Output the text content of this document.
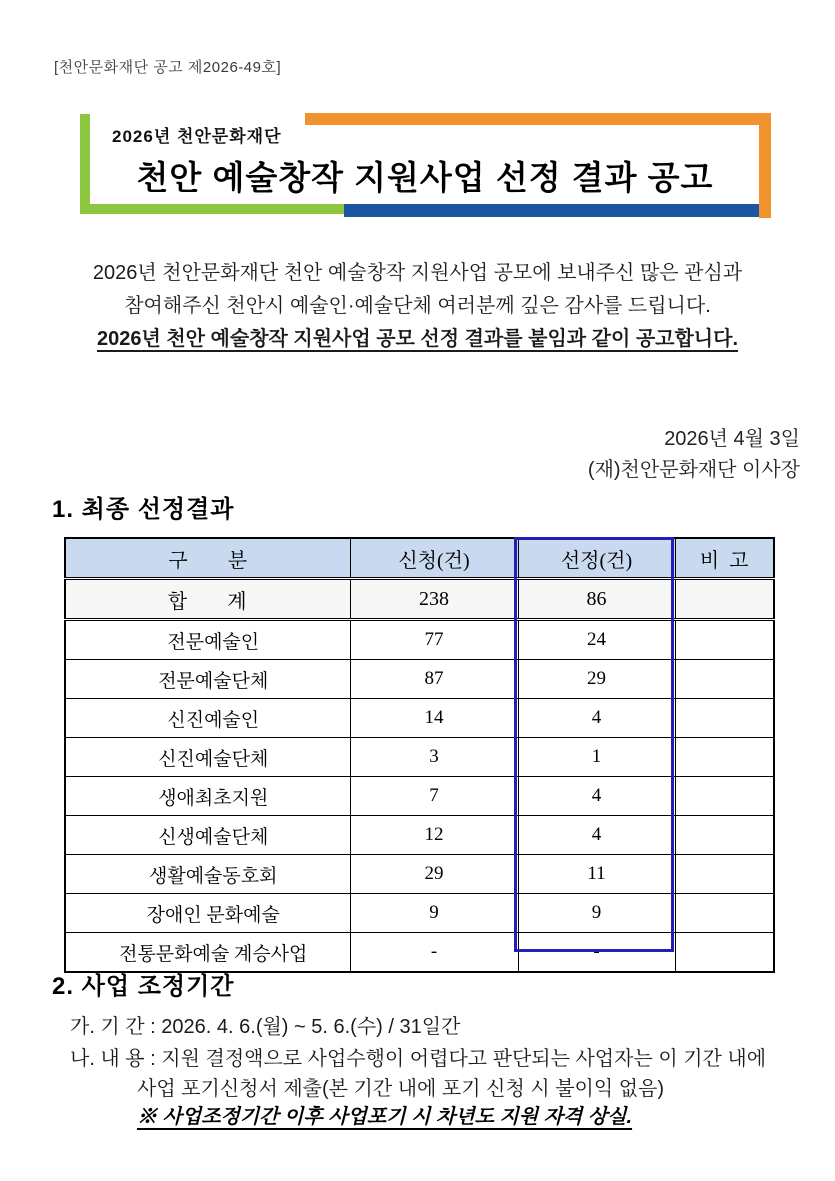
[천안문화재단 공고 제2026-49호]
2026년 천안문화재단
천안 예술창작 지원사업 선정 결과 공고
2026년 천안문화재단 천안 예술창작 지원사업 공모에 보내주신 많은 관심과
참여해주신 천안시 예술인·예술단체 여러분께 깊은 감사를 드립니다.
2026년 천안 예술창작 지원사업 공모 선정 결과를 붙임과 같이 공고합니다.
2026년 4월 3일
(재)천안문화재단 이사장
1. 최종 선정결과
구        분	신청(건)	선정(건)	비  고
합        계	238	86	
전문예술인	77	24	
전문예술단체	87	29	
신진예술인	14	4	
신진예술단체	3	1	
생애최초지원	7	4	
신생예술단체	12	4	
생활예술동호회	29	11	
장애인 문화예술	9	9	
전통문화예술 계승사업	-	-	
2. 사업 조정기간
가. 기 간 : 2026. 4. 6.(월) ~ 5. 6.(수) / 31일간
나. 내 용 : 지원 결정액으로 사업수행이 어렵다고 판단되는 사업자는 이 기간 내에
사업 포기신청서 제출(본 기간 내에 포기 신청 시 불이익 없음)
※ 사업조정기간 이후 사업포기 시 차년도 지원 자격 상실.
